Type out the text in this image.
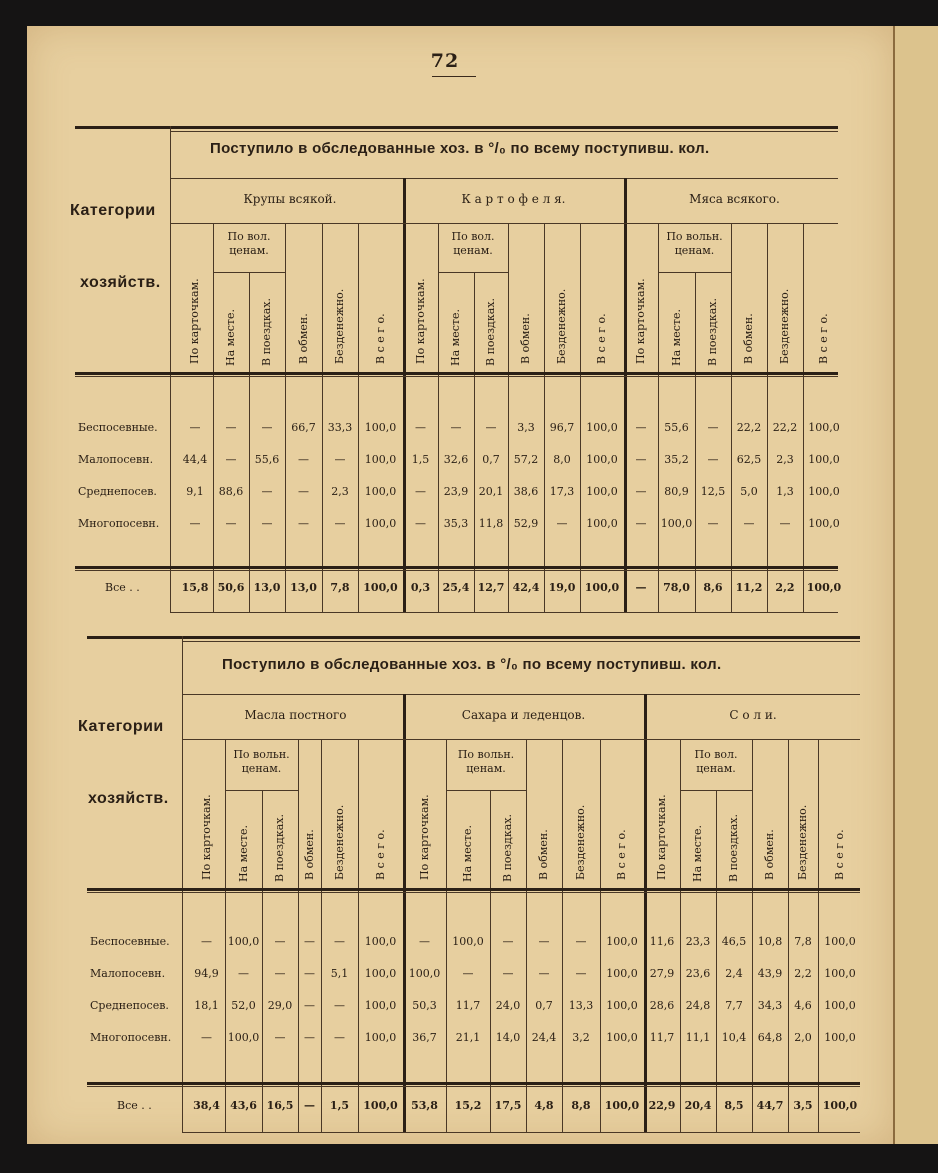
72
Поступило в обследованные хоз. в °/₀ по всему поступивш. кол.
Категории
хозяйств.
Крупы всякой.
По вол. ценам.
По карточкам. На месте. В поездках. В обмен. Безденежно.	В с е г о.
К а р т о ф е л я.
По вол. ценам.
По карточкам. На месте. В поездках. В обмен. Безденежно. В с е г о.
Мяса всякого.
По вольн. ценам.
По карточкам. На месте. В поездках. В обмен. Безденежно. В с е г о.
Беспосевные.	—	—	—	66,7	33,3	100,0	—	—	—	3,3	96,7	100,0	—	55,6	—	22,2	22,2	100,0
Малопосевн.	44,4	—	55,6	—	—	100,0	1,5	32,6	0,7	57,2	8,0	100,0	—	35,2	—	62,5	2,3	100,0
Среднепосев.	9,1	88,6	—	—	2,3	100,0	—	23,9 20,1 38,6	17,3	100,0	—	80,9	12,5	5,0	1,3	100,0
Многопосевн.	—	—	—	—	—	100,0	—	35,3 11,8 52,9	—	100,0	—	100,0	—	—	—	100,0
Все . .	15,8 50,6 13,0 13,0	7,8	100,0	0,3	25,4 12,7 42,4 19,0 100,0	—	78,0	8,6	11,2	2,2	100,0
Поступило в обследованные хоз. в °/₀ по всему поступивш. кол.
Категории
хозяйств.
Масла постного
По вольн. ценам.
По карточкам. На месте. В поездках. В обмен. Безденежно.	В с е г о.
Сахара и леденцов.
По вольн. ценам.
По карточкам.	На месте. В поездках. В обмен. Безденежно.	В с е г о.
С о л и.
По вол. ценам.
По карточкам. На месте. В поездках. В обмен. Безденежно. В с е г о.
Беспосевные.	—	100,0	—	—	—	100,0	—	100,0	—	—	—	100,0	11,6	23,3	46,5	10,8	7,8	100,0
Малопосевн.	94,9	—	—	—	5,1	100,0	100,0	—	—	—	—	100,0	27,9	23,6	2,4	43,9	2,2	100,0
Среднепосев.	18,1	52,0	29,0	—	—	100,0	50,3	11,7	24,0	0,7	13,3	100,0	28,6	24,8	7,7	34,3	4,6	100,0
Многопосевн.	—	100,0	—	—	—	100,0	36,7	21,1	14,0	24,4	3,2	100,0	11,7	11,1	10,4	64,8	2,0	100,0
Все . .	38,4 43,6 16,5 —	1,5	100,0	53,8	15,2	17,5	4,8	8,8	100,0 22,9 20,4	8,5	44,7 3,5 100,0
